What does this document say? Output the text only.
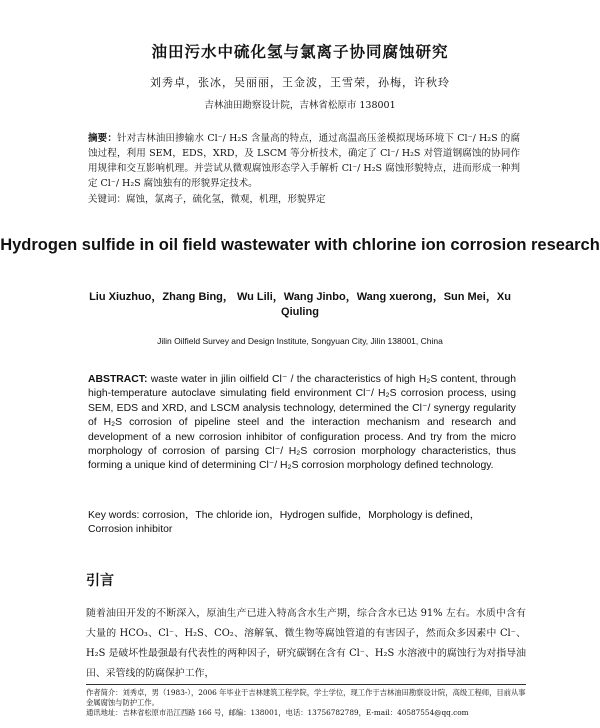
油田污水中硫化氢与氯离子协同腐蚀研究
刘秀卓，张冰，吴丽丽，王金波，王雪荣，孙梅，许秋玲
吉林油田勘察设计院，吉林省松原市 138001
摘要：针对吉林油田掺输水 Cl⁻/ H₂S 含量高的特点，通过高温高压釜模拟现场环境下 Cl⁻/ H₂S 的腐蚀过程，利用 SEM，EDS，XRD，及 LSCM 等分析技术，确定了 Cl⁻/ H₂S 对管道钢腐蚀的协同作用规律和交互影响机理。并尝试从微观腐蚀形态学入手解析 Cl⁻/ H₂S 腐蚀形貌特点，进而形成一种判定 Cl⁻/ H₂S 腐蚀独有的形貌界定技术。
关键词：腐蚀，氯离子，硫化氢，微观，机理，形貌界定
Hydrogen sulfide in oil field wastewater with chlorine ion corrosion research
Liu Xiuzhuo，Zhang Bing， Wu Lili，Wang Jinbo，Wang xuerong，Sun Mei，Xu Qiuling
Jilin Oilfield Survey and Design Institute, Songyuan City, Jilin 138001, China
ABSTRACT: waste water in jilin oilfield Cl⁻ / the characteristics of high H₂S content, through high-temperature autoclave simulating field environment Cl⁻/ H₂S corrosion process, using SEM, EDS and XRD, and LSCM analysis technology, determined the Cl⁻/ synergy regularity of H₂S corrosion of pipeline steel and the interaction mechanism and research and development of a new corrosion inhibitor of configuration process. And try from the micro morphology of corrosion of parsing Cl⁻/ H₂S corrosion morphology characteristics, thus forming a unique kind of determining Cl⁻/ H₂S corrosion morphology defined technology.
Key words: corrosion，The chloride ion，Hydrogen sulfide，Morphology is defined，Corrosion inhibitor
引言
随着油田开发的不断深入，原油生产已进入特高含水生产期，综合含水已达 91% 左右。水质中含有大量的 HCO₃、Cl⁻、H₂S、CO₂、溶解氧、微生物等腐蚀管道的有害因子，然而众多因素中 Cl⁻、H₂S 是破坏性最强最有代表性的两种因子，研究碳钢在含有 Cl⁻、H₂S 水溶液中的腐蚀行为对指导油田、采管线的防腐保护工作，
作者简介：刘秀卓，男（1983-），2006 年毕业于吉林建筑工程学院，学士学位，现工作于吉林油田勘察设计院，高级工程师，目前从事金属腐蚀与防护工作。
通讯地址：吉林省松原市沿江西路 166 号，邮编：138001，电话：13756782789，E-mail：40587554@qq.com
